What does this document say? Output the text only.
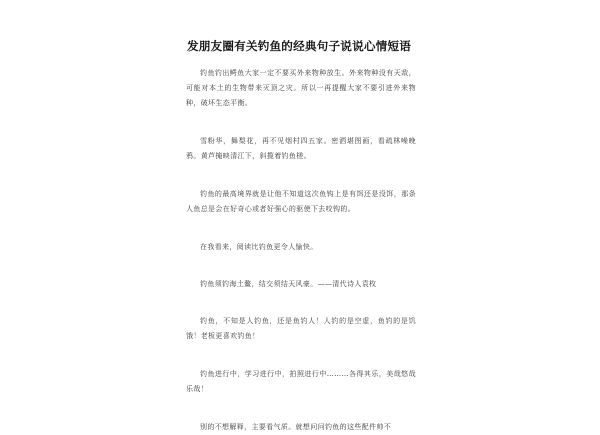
发朋友圈有关钓鱼的经典句子说说心情短语

钓鱼钓出鳄鱼大家一定不要买外来物种放生。外来物种没有天敌，可能对本土的生物带来灭顶之灾。所以一再提醒大家不要引进外来物种，破坏生态平衡。

雪粉华，舞梨花，再不见烟村四五家。密洒堪图画，看疏林噪晚鸦。黄芦掩映清江下，斜揽着钓鱼槎。

钓鱼的最高境界就是让他不知道这次鱼钩上是有饵还是没饵，那条人鱼总是会在好奇心或者好强心的驱使下去咬钩的。

在我看来，阅读比钓鱼更令人愉快。

钓鱼须钓海土鳌，结交须结天风豪。——清代诗人袁枚

钓鱼，不知是人钓鱼，还是鱼钓人！人钓的是空虚，鱼钓的是饥饿！老板更喜欢钓鱼！

钓鱼进行中，学习进行中，拍照进行中………各得其乐，美哉悠哉乐哉！

别的不想解释，主要看气质。就想问问钓鱼的这些配件帅不
